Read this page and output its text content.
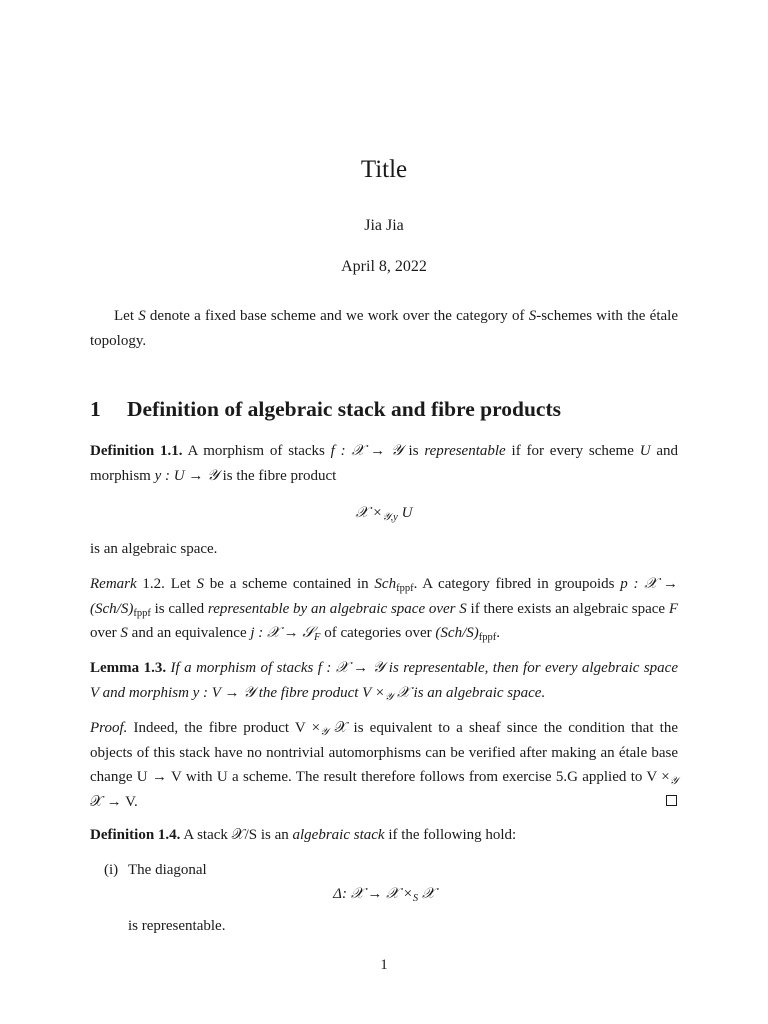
Title
Jia Jia
April 8, 2022

Let S denote a fixed base scheme and we work over the category of S-schemes with the étale topology.

1 Definition of algebraic stack and fibre products

Definition 1.1. A morphism of stacks f : 𝒳 → 𝒴 is representable if for every scheme U and morphism y : U → 𝒴 is the fibre product

𝒳 $\times_{𝒴,y}$ U

is an algebraic space.

Remark 1.2. Let S be a scheme contained in Sch$_{fppf}$. A category fibred in groupoids p : 𝒳 → $(Sch/S)_{fppf}$ is called representable by an algebraic space over S if there exists an algebraic space F over S and an equivalence j : 𝒳 → 𝒮$_F$ of categories over $(Sch/S)_{fppf}$.

Lemma 1.3. If a morphism of stacks f : 𝒳 → 𝒴 is representable, then for every algebraic space V and morphism y : V → 𝒴 the fibre product $V \times_𝒴$ 𝒳 is an algebraic space.

Proof. Indeed, the fibre product $V \times_𝒴$ 𝒳 is equivalent to a sheaf since the condition that the objects of this stack have no nontrivial automorphisms can be verified after making an étale base change U → V with U a scheme. The result therefore follows from exercise 5.G applied to $V \times_𝒴$ 𝒳 → V.

Definition 1.4. A stack 𝒳/S is an algebraic stack if the following hold:

(i) The diagonal
Δ: 𝒳 → 𝒳 $\times_S$ 𝒳
is representable.
1
